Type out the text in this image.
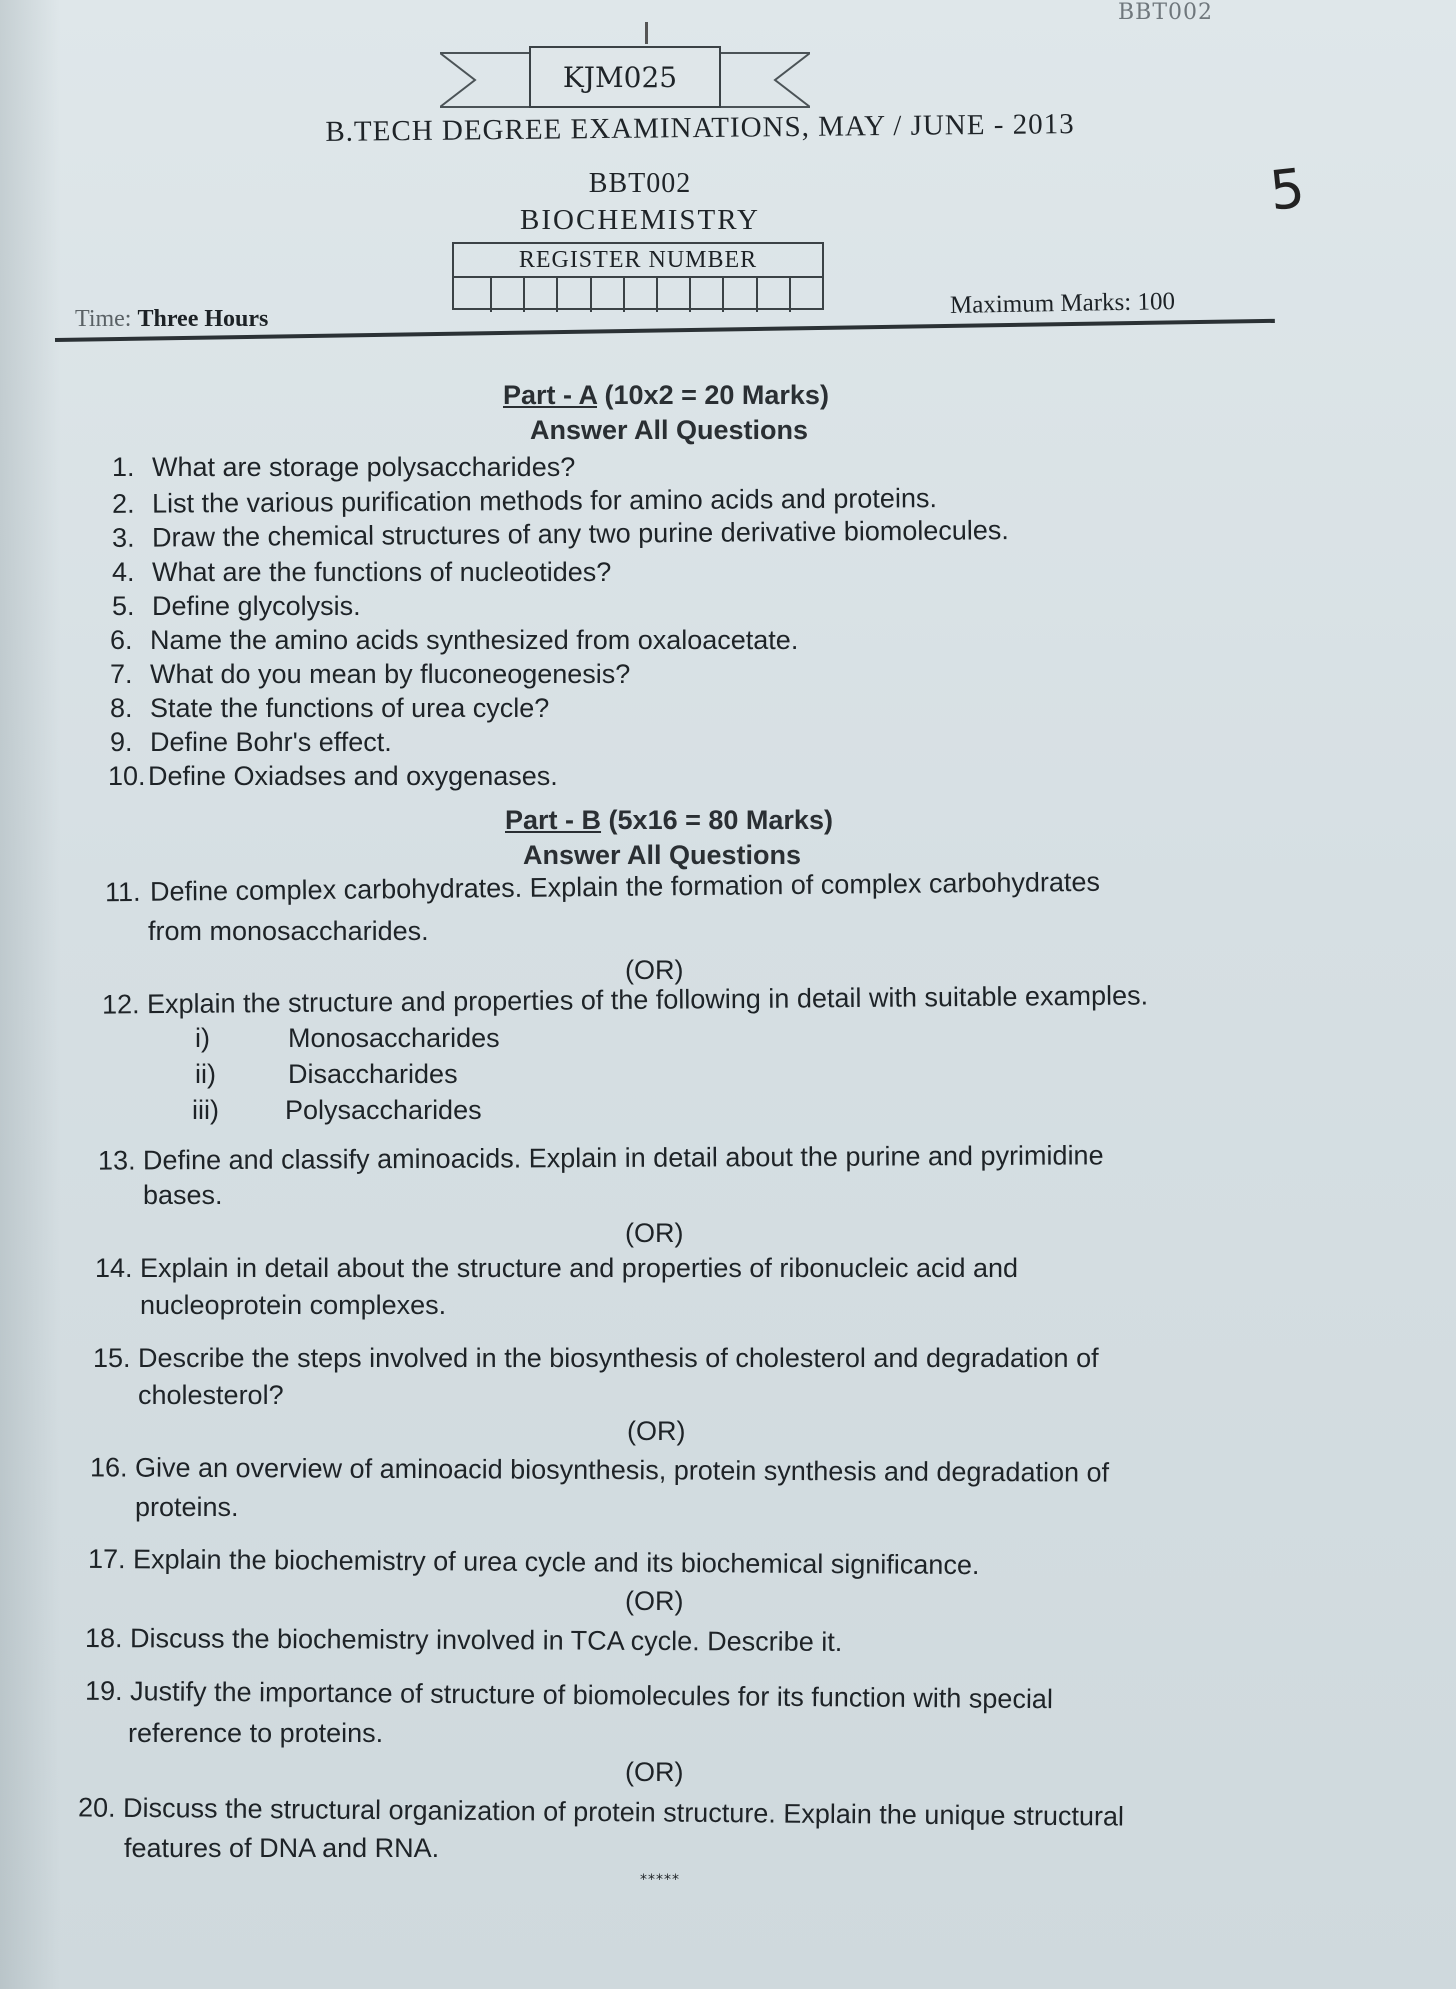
BBT002
KJM025
B.TECH DEGREE EXAMINATIONS, MAY / JUNE - 2013
BBT002
BIOCHEMISTRY	5
REGISTER NUMBER
Time: Three Hours
Maximum Marks: 100
Part - A (10x2 = 20 Marks)
Answer All Questions
1. What are storage polysaccharides?
2. List the various purification methods for amino acids and proteins.
3. Draw the chemical structures of any two purine derivative biomolecules.
4. What are the functions of nucleotides?
5. Define glycolysis.
6. Name the amino acids synthesized from oxaloacetate.
7. What do you mean by fluconeogenesis?
8. State the functions of urea cycle?
9. Define Bohr's effect.
10.Define Oxiadses and oxygenases.
Part - B (5x16 = 80 Marks)
Answer All Questions
11. Define complex carbohydrates. Explain the formation of complex carbohydrates
from monosaccharides.
(OR)
12. Explain the structure and properties of the following in detail with suitable examples.
i)	Monosaccharides
ii)	Disaccharides
iii) Polysaccharides
13. Define and classify aminoacids. Explain in detail about the purine and pyrimidine
bases.
(OR)
14. Explain in detail about the structure and properties of ribonucleic acid and
nucleoprotein complexes.
15. Describe the steps involved in the biosynthesis of cholesterol and degradation of
cholesterol?
(OR)
16. Give an overview of aminoacid biosynthesis, protein synthesis and degradation of
proteins.
17. Explain the biochemistry of urea cycle and its biochemical significance.
(OR)
18. Discuss the biochemistry involved in TCA cycle. Describe it.
19. Justify the importance of structure of biomolecules for its function with special
reference to proteins.
(OR)
20. Discuss the structural organization of protein structure. Explain the unique structural
features of DNA and RNA.
*****
